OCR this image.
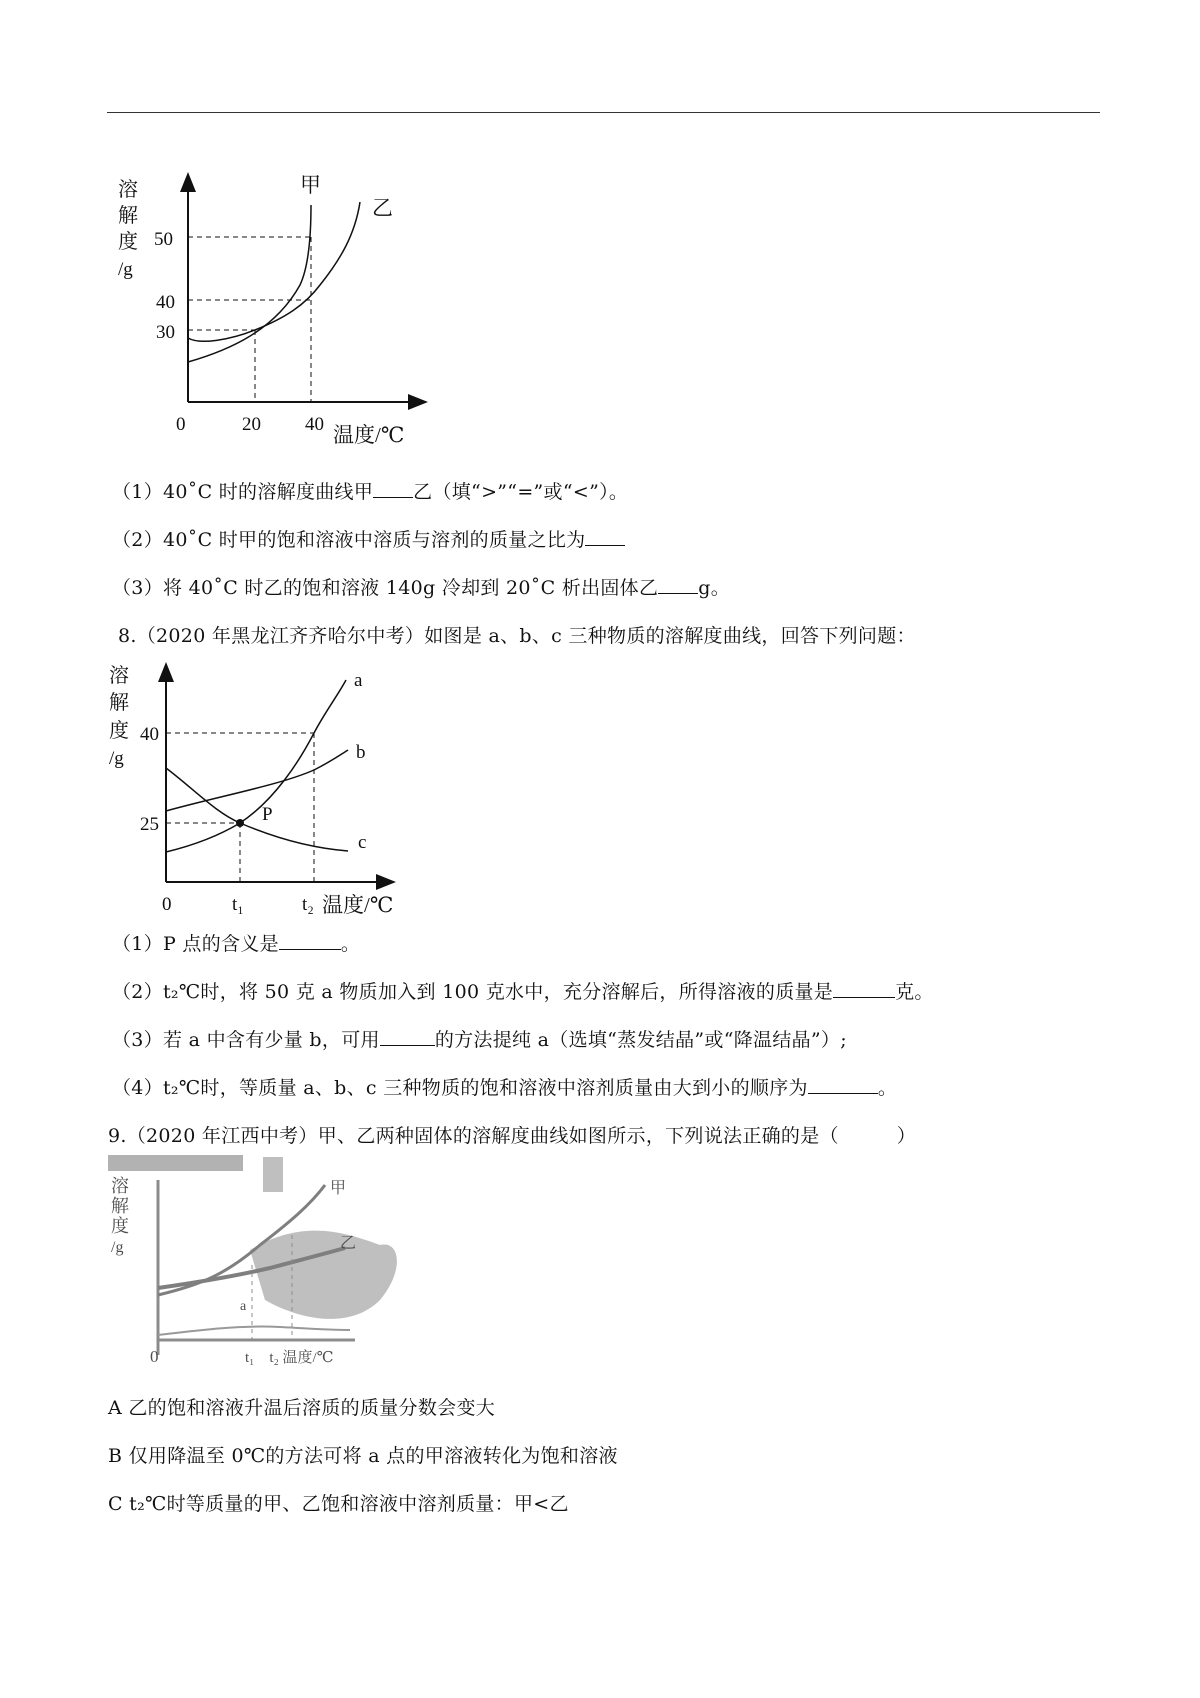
溶
解
度
/g
50
40
30
0	20 40 温度/℃
甲
乙
溶
解
度
/g
40
25
0	t₁	t₂ 温度/℃
a
b
c
P
溶
解
度
/g
0	t₁　t₂ 温度/℃
甲
乙
a
（1）40˚C 时的溶解度曲线甲 乙（填“>”“=”或“<”）。
（2）40˚C 时甲的饱和溶液中溶质与溶剂的质量之比为
（3）将 40˚C 时乙的饱和溶液 140g 冷却到 20˚C 析出固体乙 g。
8.（2020 年黑龙江齐齐哈尔中考）如图是 a、b、c 三种物质的溶解度曲线，回答下列问题：
（1）P 点的含义是	。
（2）t₂℃时，将 50 克 a 物质加入到 100 克水中，充分溶解后，所得溶液的质量是	克。
（3）若 a 中含有少量 b，可用	的方法提纯 a（选填“蒸发结晶”或“降温结晶”）;
（4）t₂℃时，等质量 a、b、c 三种物质的饱和溶液中溶剂质量由大到小的顺序为	。
9.（2020 年江西中考）甲、乙两种固体的溶解度曲线如图所示，下列说法正确的是（　　　）
A 乙的饱和溶液升温后溶质的质量分数会变大
B 仅用降温至 0℃的方法可将 a 点的甲溶液转化为饱和溶液
C t₂℃时等质量的甲、乙饱和溶液中溶剂质量：甲<乙
